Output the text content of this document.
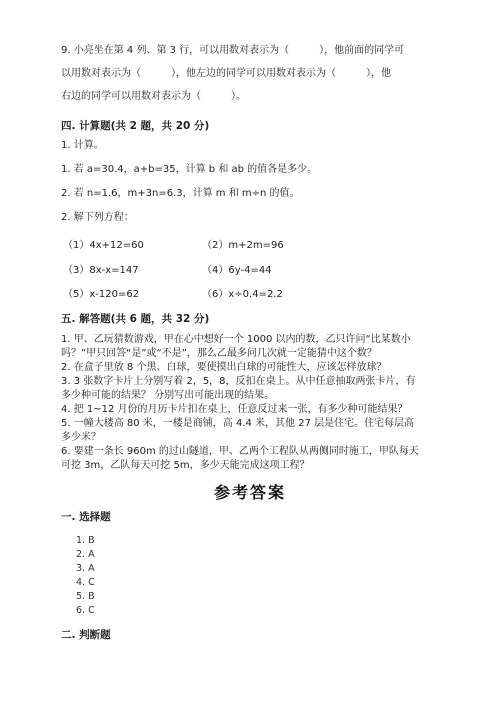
9. 小亮坐在第 4 列、第 3 行，可以用数对表示为（　　　），他前面的同学可
以用数对表示为（　　　），他左边的同学可以用数对表示为（　　　），他
右边的同学可以用数对表示为（　　　）。
四. 计算题(共 2 题，共 20 分)
1. 计算。
1. 若 a=30.4，a+b=35，计算 b 和 ab 的值各是多少。
2. 若 n=1.6，m+3n=6.3，计算 m 和 m÷n 的值。
2. 解下列方程：
（1）4x+12=60	（2）m+2m=96
（3）8x-x=147	（4）6y-4=44
（5）x-120=62	（6）x÷0.4=2.2
五. 解答题(共 6 题，共 32 分)
1. 甲、乙玩猜数游戏，甲在心中想好一个 1000 以内的数，乙只许问“比某数小
吗？”甲只回答“是”或“不是”，那么乙最多问几次就一定能猜中这个数？
2. 在盒子里放 8 个黑、白球，要使摸出白球的可能性大，应该怎样放球？
3. 3 张数字卡片上分别写着 2，5，8，反扣在桌上。从中任意抽取两张卡片，有
多少种可能的结果？ 分别写出可能出现的结果。
4. 把 1~12 月份的月历卡片扣在桌上，任意反过来一张，有多少种可能结果？
5. 一幢大楼高 80 米，一楼是商铺，高 4.4 米，其他 27 层是住宅。住宅每层高
多少米？
6. 要建一条长 960m 的过山隧道，甲、乙两个工程队从两侧同时施工，甲队每天
可挖 3m，乙队每天可挖 5m，多少天能完成这项工程？
参考答案
一. 选择题
1. B
2. A
3. A
4. C
5. B
6. C
二. 判断题
